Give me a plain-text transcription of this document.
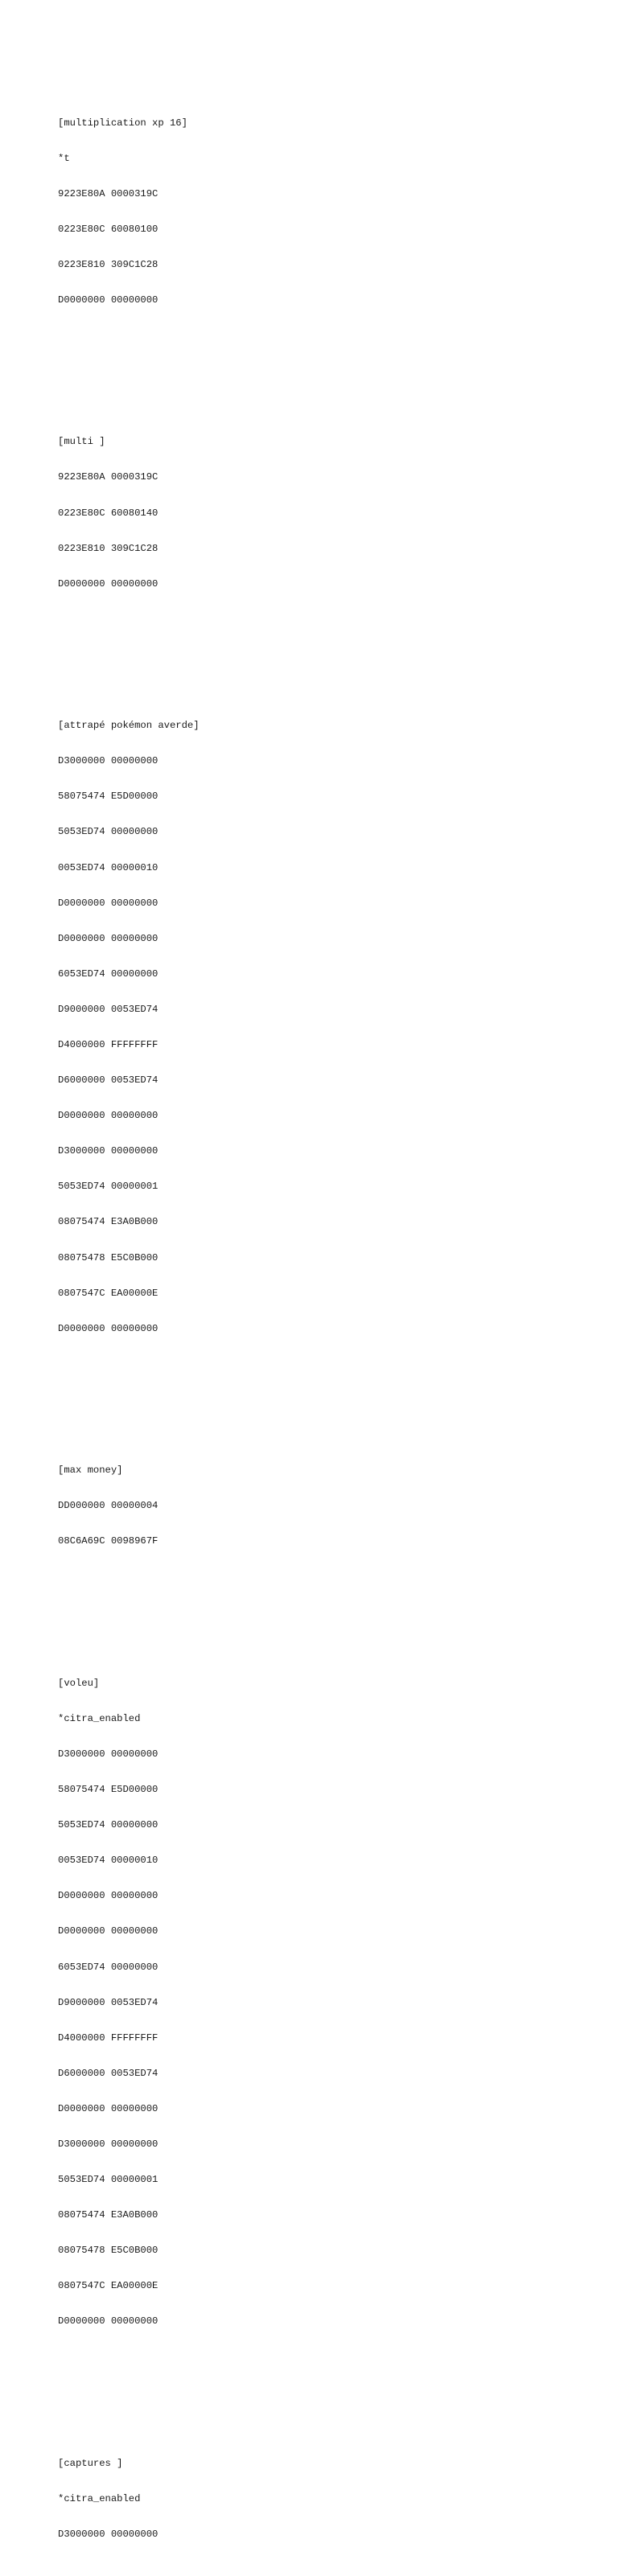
[multiplication xp 16]

*t

9223E80A 0000319C

0223E80C 60080100

0223E810 309C1C28

D0000000 00000000

[multi ]

9223E80A 0000319C

0223E80C 60080140

0223E810 309C1C28

D0000000 00000000

[attrapé pokémon averde]

D3000000 00000000

58075474 E5D00000

5053ED74 00000000

0053ED74 00000010

D0000000 00000000

D0000000 00000000

6053ED74 00000000

D9000000 0053ED74

D4000000 FFFFFFFF

D6000000 0053ED74

D0000000 00000000

D3000000 00000000

5053ED74 00000001

08075474 E3A0B000

08075478 E5C0B000

0807547C EA00000E

D0000000 00000000

[max money]

DD000000 00000004

08C6A69C 0098967F

[voleu]

*citra_enabled

D3000000 00000000

58075474 E5D00000

5053ED74 00000000

0053ED74 00000010

D0000000 00000000

D0000000 00000000

6053ED74 00000000

D9000000 0053ED74

D4000000 FFFFFFFF

D6000000 0053ED74

D0000000 00000000

D3000000 00000000

5053ED74 00000001

08075474 E3A0B000

08075478 E5C0B000

0807547C EA00000E

D0000000 00000000

[captures ]

*citra_enabled

D3000000 00000000
